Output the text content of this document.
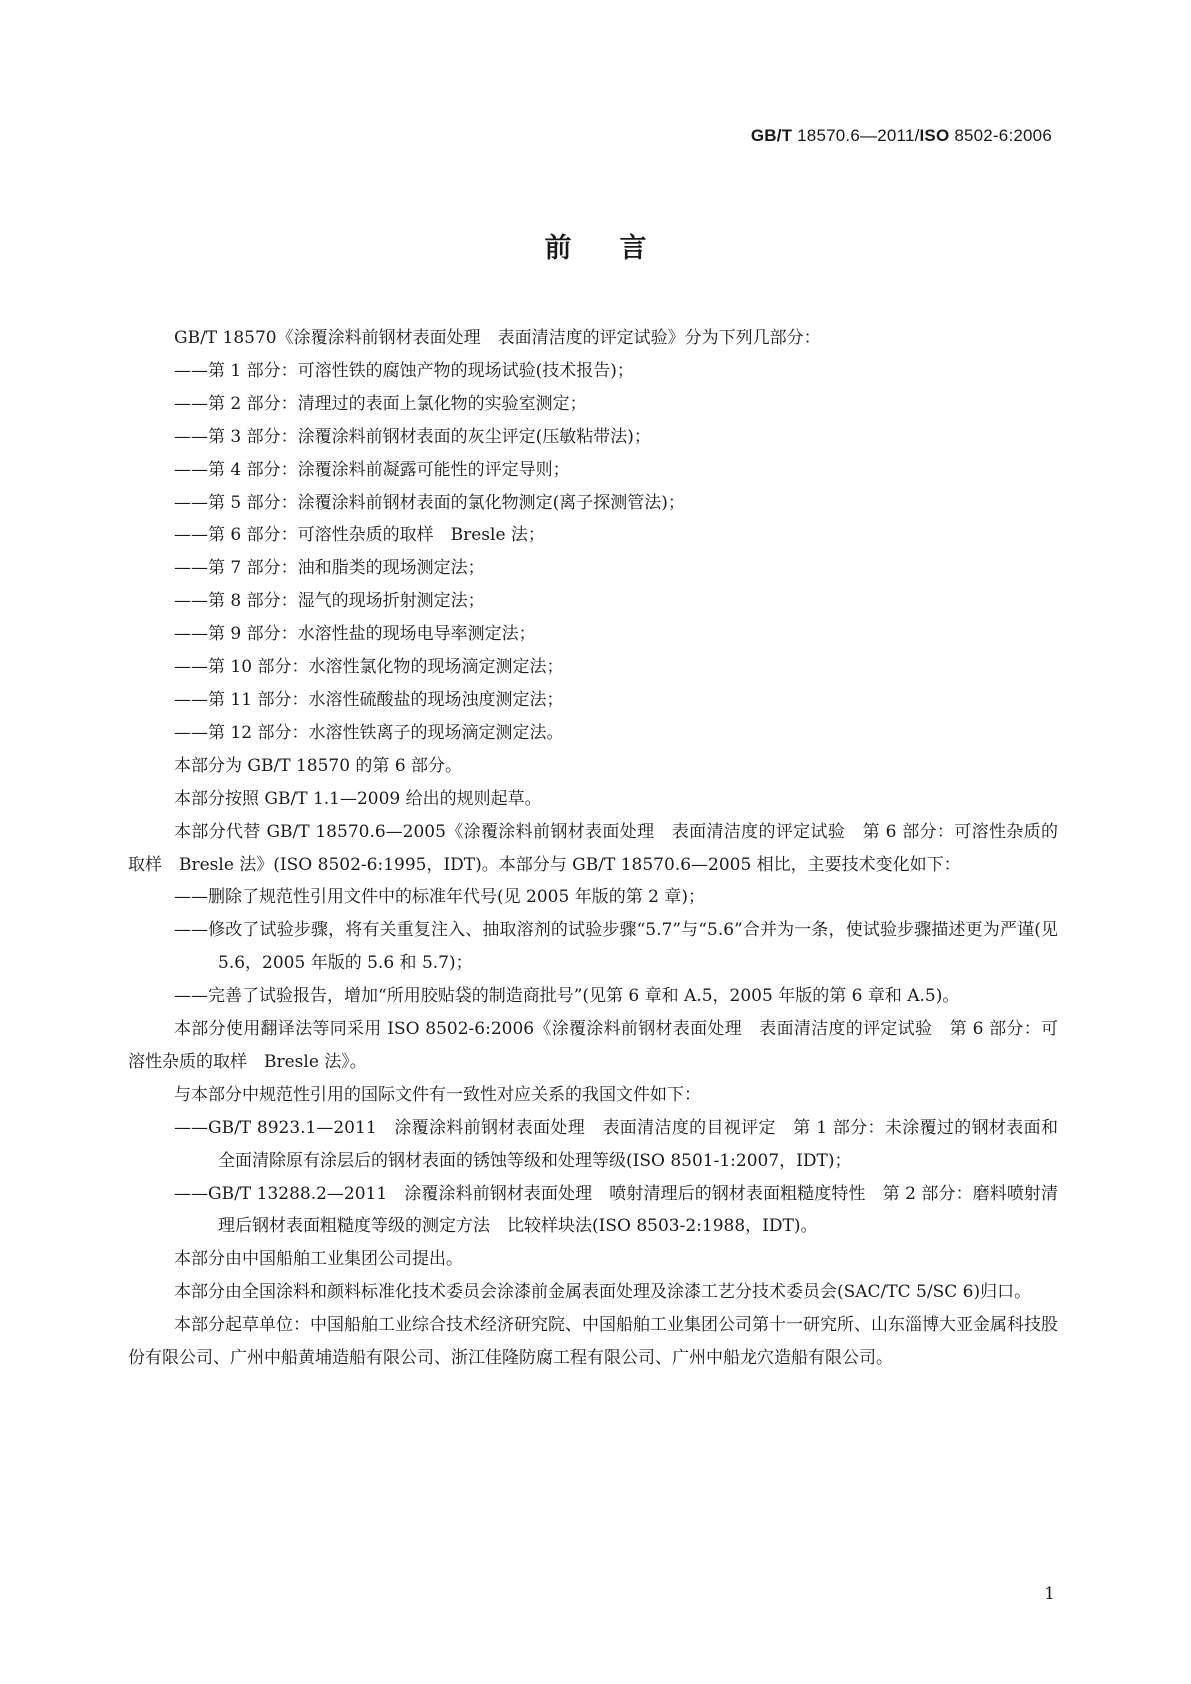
GB/T 18570.6—2011/ISO 8502-6:2006
前言

GB/T 18570《涂覆涂料前钢材表面处理　表面清洁度的评定试验》分为下列几部分：

——第 1 部分：可溶性铁的腐蚀产物的现场试验(技术报告)；

——第 2 部分：清理过的表面上氯化物的实验室测定；

——第 3 部分：涂覆涂料前钢材表面的灰尘评定(压敏粘带法)；

——第 4 部分：涂覆涂料前凝露可能性的评定导则；

——第 5 部分：涂覆涂料前钢材表面的氯化物测定(离子探测管法)；

——第 6 部分：可溶性杂质的取样　Bresle 法；

——第 7 部分：油和脂类的现场测定法；

——第 8 部分：湿气的现场折射测定法；

——第 9 部分：水溶性盐的现场电导率测定法；

——第 10 部分：水溶性氯化物的现场滴定测定法；

——第 11 部分：水溶性硫酸盐的现场浊度测定法；

——第 12 部分：水溶性铁离子的现场滴定测定法。

本部分为 GB/T 18570 的第 6 部分。

本部分按照 GB/T 1.1—2009 给出的规则起草。

本部分代替 GB/T 18570.6—2005《涂覆涂料前钢材表面处理　表面清洁度的评定试验　第 6 部分：可溶性杂质的取样　Bresle 法》(ISO 8502-6:1995，IDT)。本部分与 GB/T 18570.6—2005 相比，主要技术变化如下：

——删除了规范性引用文件中的标准年代号(见 2005 年版的第 2 章)；

——修改了试验步骤，将有关重复注入、抽取溶剂的试验步骤“5.7”与“5.6”合并为一条，使试验步骤描述更为严谨(见 5.6，2005 年版的 5.6 和 5.7)；

——完善了试验报告，增加“所用胶贴袋的制造商批号”(见第 6 章和 A.5，2005 年版的第 6 章和 A.5)。

本部分使用翻译法等同采用 ISO 8502-6:2006《涂覆涂料前钢材表面处理　表面清洁度的评定试验　第 6 部分：可溶性杂质的取样　Bresle 法》。

与本部分中规范性引用的国际文件有一致性对应关系的我国文件如下：

——GB/T 8923.1—2011　涂覆涂料前钢材表面处理　表面清洁度的目视评定　第 1 部分：未涂覆过的钢材表面和全面清除原有涂层后的钢材表面的锈蚀等级和处理等级(ISO 8501-1:2007，IDT)；

——GB/T 13288.2—2011　涂覆涂料前钢材表面处理　喷射清理后的钢材表面粗糙度特性　第 2 部分：磨料喷射清理后钢材表面粗糙度等级的测定方法　比较样块法(ISO 8503-2:1988，IDT)。

本部分由中国船舶工业集团公司提出。

本部分由全国涂料和颜料标准化技术委员会涂漆前金属表面处理及涂漆工艺分技术委员会(SAC/TC 5/SC 6)归口。

本部分起草单位：中国船舶工业综合技术经济研究院、中国船舶工业集团公司第十一研究所、山东淄博大亚金属科技股份有限公司、广州中船黄埔造船有限公司、浙江佳隆防腐工程有限公司、广州中船龙穴造船有限公司。

1
